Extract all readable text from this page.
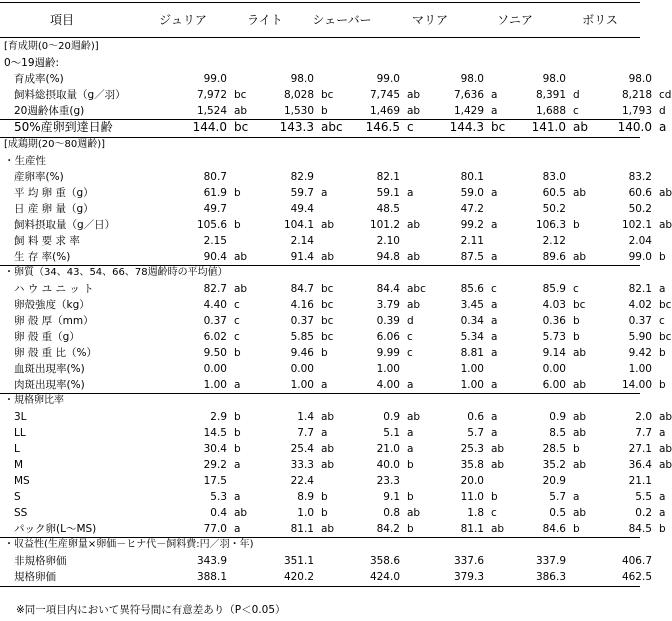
項目	ジュリア	ライト	シェーバー	マリア	ソニア	ボリス
[育成期(0～20週齢)]
0～19週齢:
育成率(%)	99.0	98.0	99.0	98.0	98.0	98.0
飼料総摂取量（g／羽）	7,972 bc	8,028 bc	7,745 ab	7,636 a	8,391 d	8,218 cd
20週齢体重(g)	1,524 ab	1,530 b	1,469 ab	1,429 a	1,688 c	1,793 d
50%産卵到達日齢	144.0 bc	143.3 abc	146.5 c	144.3 bc	141.0 ab	140.0 a
[成鶏期(20～80週齢)]
・生産性
産卵率(%)	80.7	82.9	82.1	80.1	83.0	83.2
平 均 卵 重（g）	61.9 b	59.7 a	59.1 a	59.0 a	60.5 ab	60.6 ab
日 産 卵 量（g）	49.7	49.4	48.5	47.2	50.2	50.2
飼料摂取量（g／日）	105.6 b	104.1 ab	101.2 ab	99.2 a	106.3 b	102.1 ab
飼 料 要 求 率	2.15	2.14	2.10	2.11	2.12	2.04
生 存 率(%)	90.4 ab	91.4 ab	94.8 ab	87.5 a	89.6 ab	99.0 b
・卵質（34、43、54、66、78週齢時の平均値）
ハ ウ ユ ニ ッ ト	82.7 ab	84.7 bc	84.4 abc	85.6 c	85.9 c	82.1 a
卵殻強度（kg）	4.40 c	4.16 bc	3.79 ab	3.45 a	4.03 bc	4.02 bc
卵 殻 厚（mm）	0.37 c	0.37 bc	0.39 d	0.34 a	0.36 b	0.37 c
卵 殻 重（g）	6.02 c	5.85 bc	6.06 c	5.34 a	5.73 b	5.90 bc
卵 殻 重 比（%）	9.50 b	9.46 b	9.99 c	8.81 a	9.14 ab	9.42 b
血斑出現率(%)	0.00	0.00	1.00	1.00	0.00	1.00
肉斑出現率(%)	1.00 a	1.00 a	4.00 a	1.00 a	6.00 ab	14.00 b
・規格卵比率
3L	2.9 b	1.4 ab	0.9 ab	0.6 a	0.9 ab	2.0 ab
LL	14.5 b	7.7 a	5.1 a	5.7 a	8.5 ab	7.7 a
L	30.4 b	25.4 ab	21.0 a	25.3 ab	28.5 b	27.1 ab
M	29.2 a	33.3 ab	40.0 b	35.8 ab	35.2 ab	36.4 ab
MS	17.5	22.4	23.3	20.0	20.9	21.1
S	5.3 a	8.9 b	9.1 b	11.0 b	5.7 a	5.5 a
SS	0.4 ab	1.0 b	0.8 ab	1.8 c	0.5 ab	0.2 a
パック卵(L～MS)	77.0 a	81.1 ab	84.2 b	81.1 ab	84.6 b	84.5 b
・収益性(生産卵量×卵価－ヒナ代－飼料費:円／羽・年)
非規格卵価	343.9	351.1	358.6	337.6	337.9	406.7
規格卵価	388.1	420.2	424.0	379.3	386.3	462.5
※同一項目内において異符号間に有意差あり（P＜0.05）
